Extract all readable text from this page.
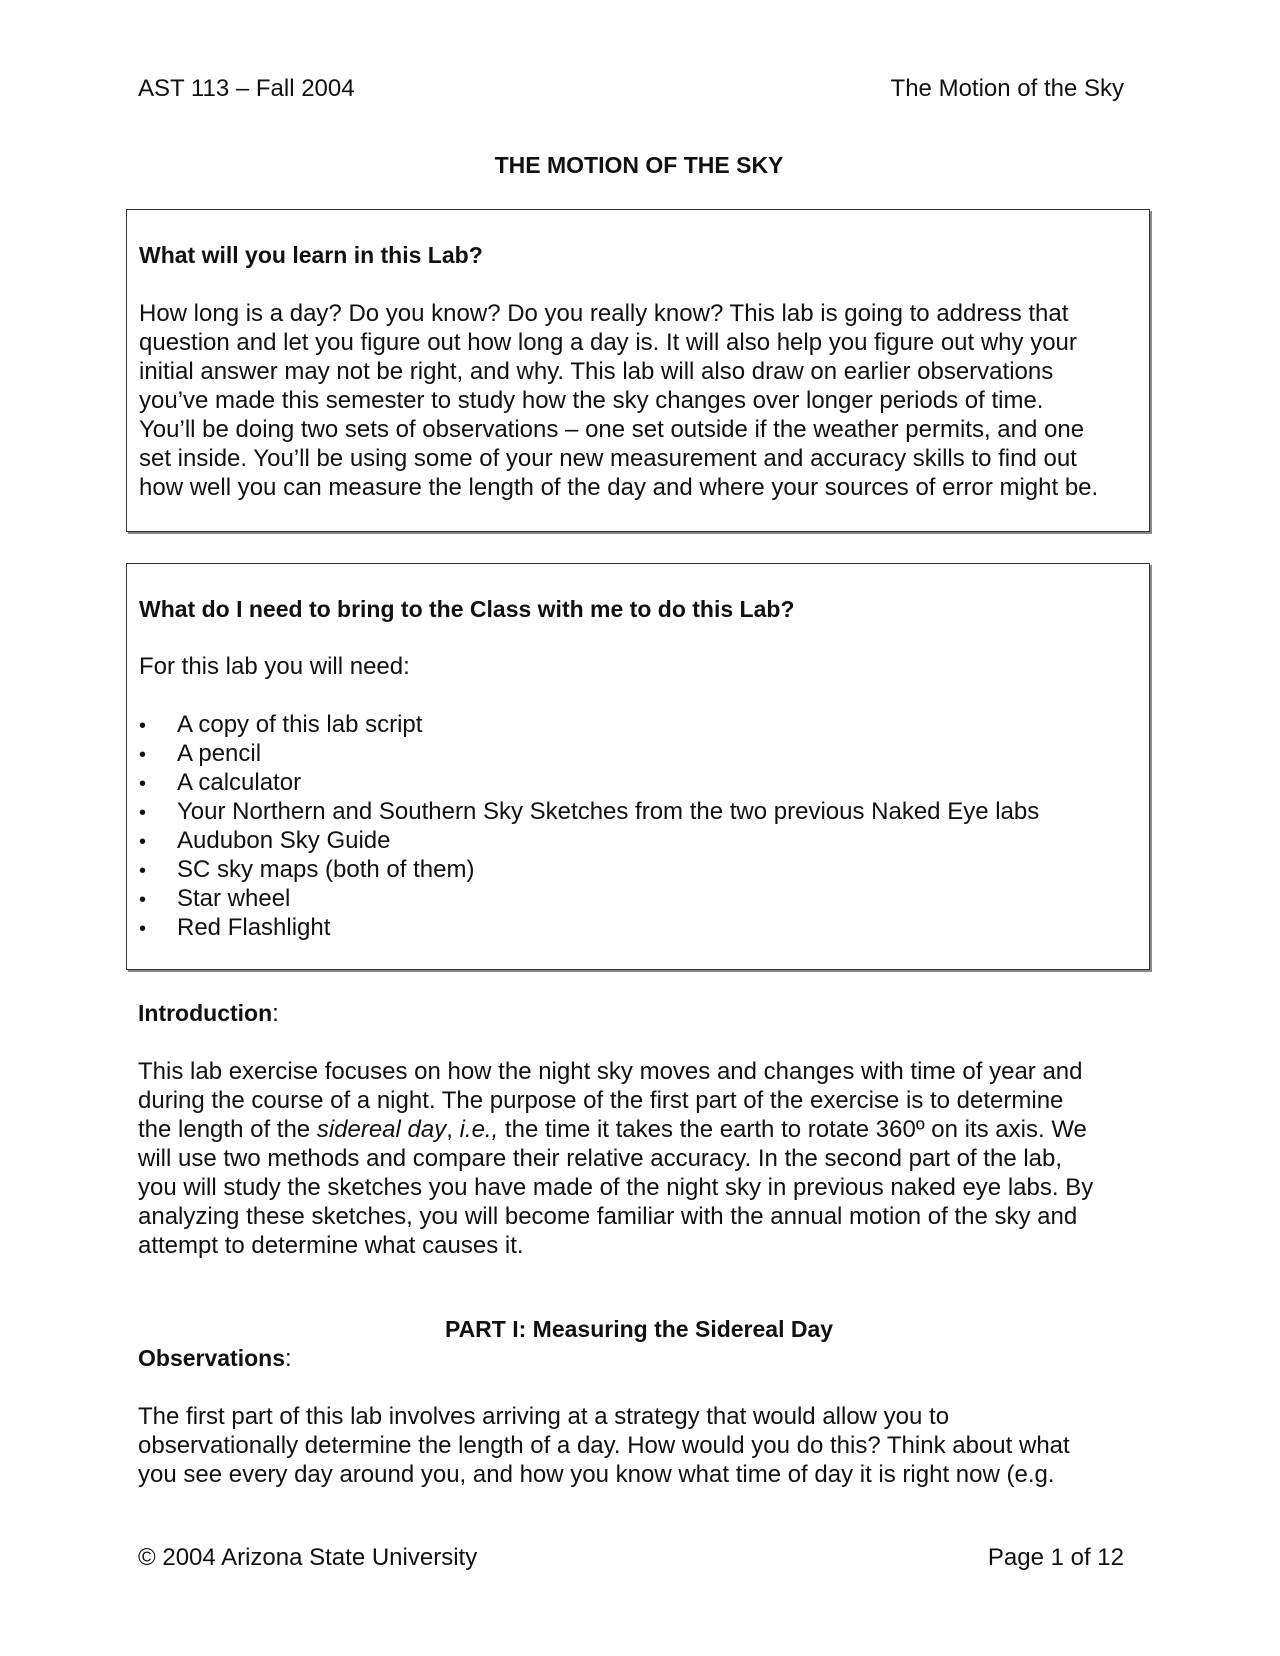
AST 113 – Fall 2004	The Motion of the Sky
THE MOTION OF THE SKY

What will you learn in this Lab?

How long is a day? Do you know? Do you really know? This lab is going to address that
question and let you figure out how long a day is. It will also help you figure out why your
initial answer may not be right, and why. This lab will also draw on earlier observations
you’ve made this semester to study how the sky changes over longer periods of time.
You’ll be doing two sets of observations – one set outside if the weather permits, and one
set inside. You’ll be using some of your new measurement and accuracy skills to find out
how well you can measure the length of the day and where your sources of error might be.

What do I need to bring to the Class with me to do this Lab?

For this lab you will need:

•	A copy of this lab script
•	A pencil
•	A calculator
•	Your Northern and Southern Sky Sketches from the two previous Naked Eye labs
•	Audubon Sky Guide
•	SC sky maps (both of them)
•	Star wheel
•	Red Flashlight

Introduction:

This lab exercise focuses on how the night sky moves and changes with time of year and
during the course of a night. The purpose of the first part of the exercise is to determine
the length of the sidereal day, i.e., the time it takes the earth to rotate 360º on its axis. We
will use two methods and compare their relative accuracy. In the second part of the lab,
you will study the sketches you have made of the night sky in previous naked eye labs. By
analyzing these sketches, you will become familiar with the annual motion of the sky and
attempt to determine what causes it.

PART I: Measuring the Sidereal Day

Observations:

The first part of this lab involves arriving at a strategy that would allow you to
observationally determine the length of a day. How would you do this? Think about what
you see every day around you, and how you know what time of day it is right now (e.g.

© 2004 Arizona State University	Page 1 of 12
